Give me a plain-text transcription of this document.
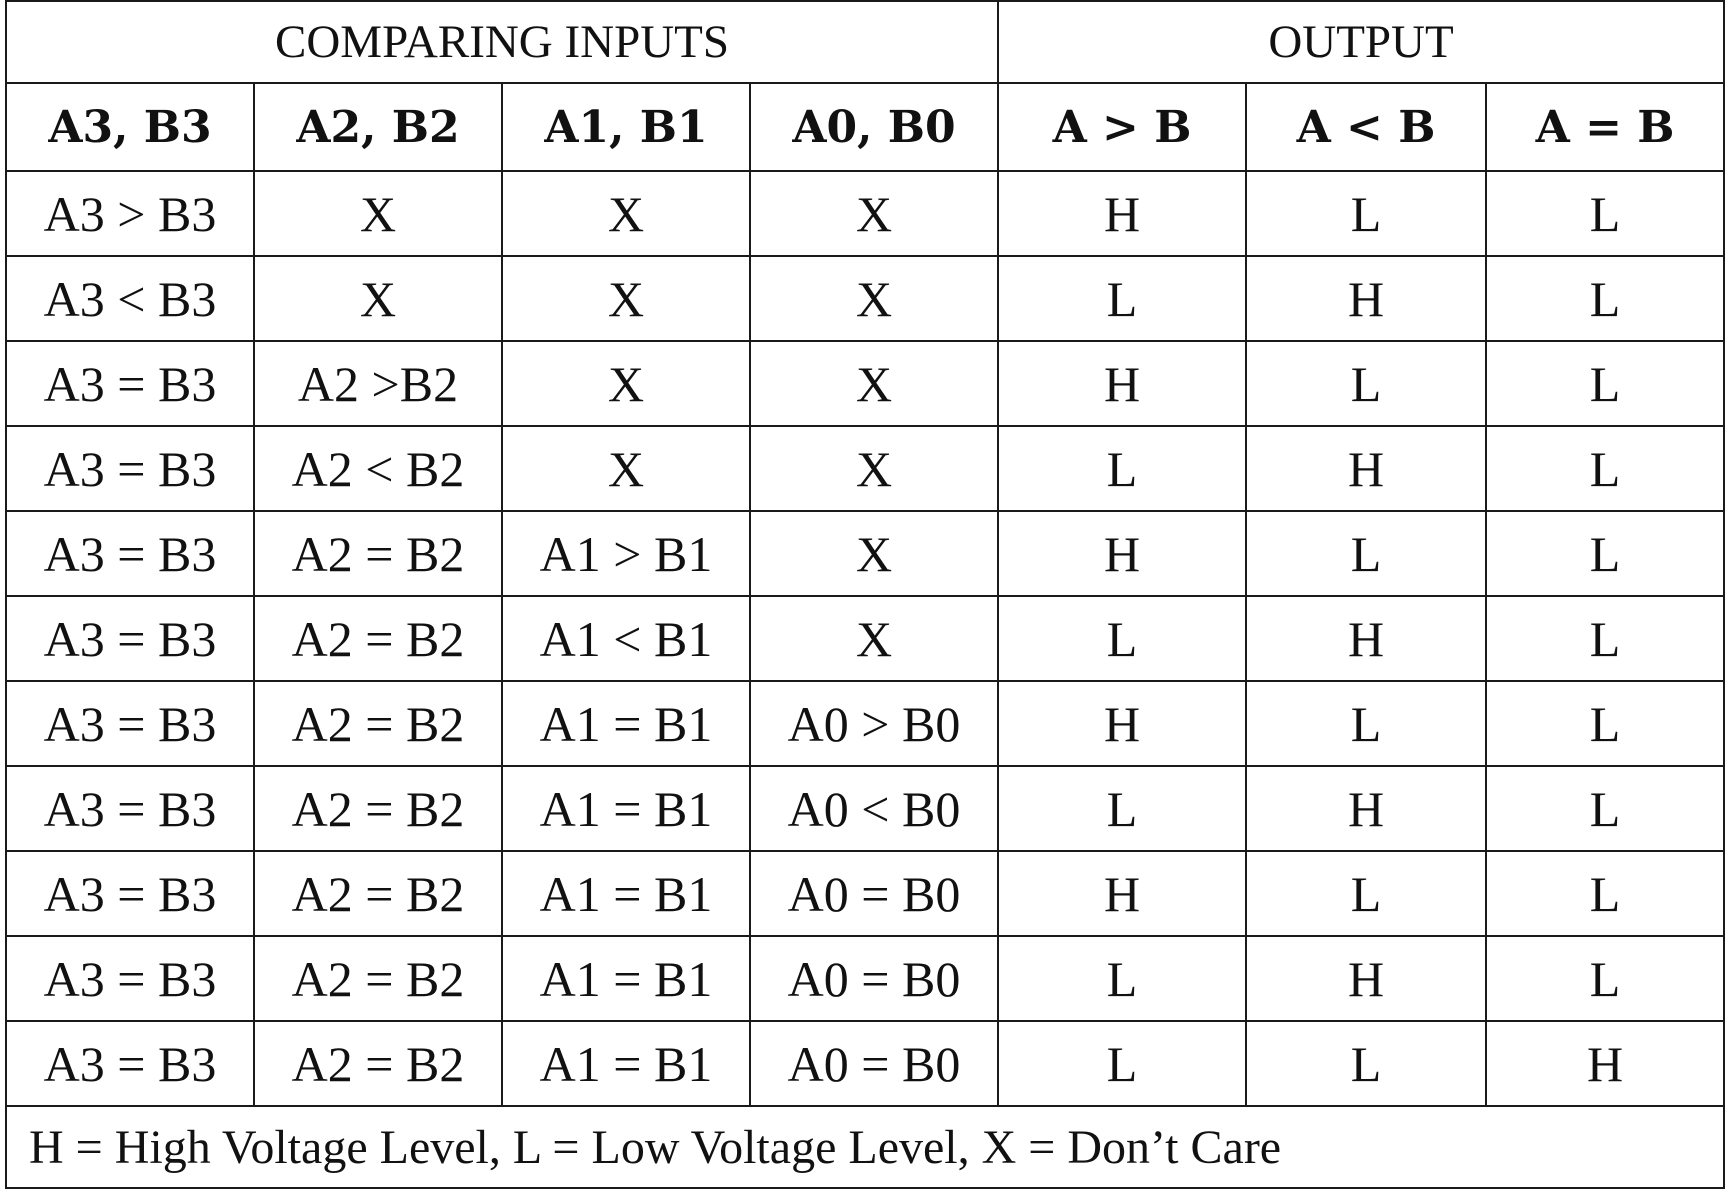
COMPARING INPUTS				OUTPUT		
A3, B3	A2, B2	A1, B1	A0, B0	A > B	A < B	A = B
A3 > B3	X	X	X	H	L	L
A3 < B3	X	X	X	L	H	L
A3 = B3	A2 >B2	X	X	H	L	L
A3 = B3	A2 < B2	X	X	L	H	L
A3 = B3	A2 = B2	A1 > B1	X	H	L	L
A3 = B3	A2 = B2	A1 < B1	X	L	H	L
A3 = B3	A2 = B2	A1 = B1	A0 > B0	H	L	L
A3 = B3	A2 = B2	A1 = B1	A0 < B0	L	H	L
A3 = B3	A2 = B2	A1 = B1	A0 = B0	H	L	L
A3 = B3	A2 = B2	A1 = B1	A0 = B0	L	H	L
A3 = B3	A2 = B2	A1 = B1	A0 = B0	L	L	H
H = High Voltage Level, L = Low Voltage Level, X = Don’t Care						
